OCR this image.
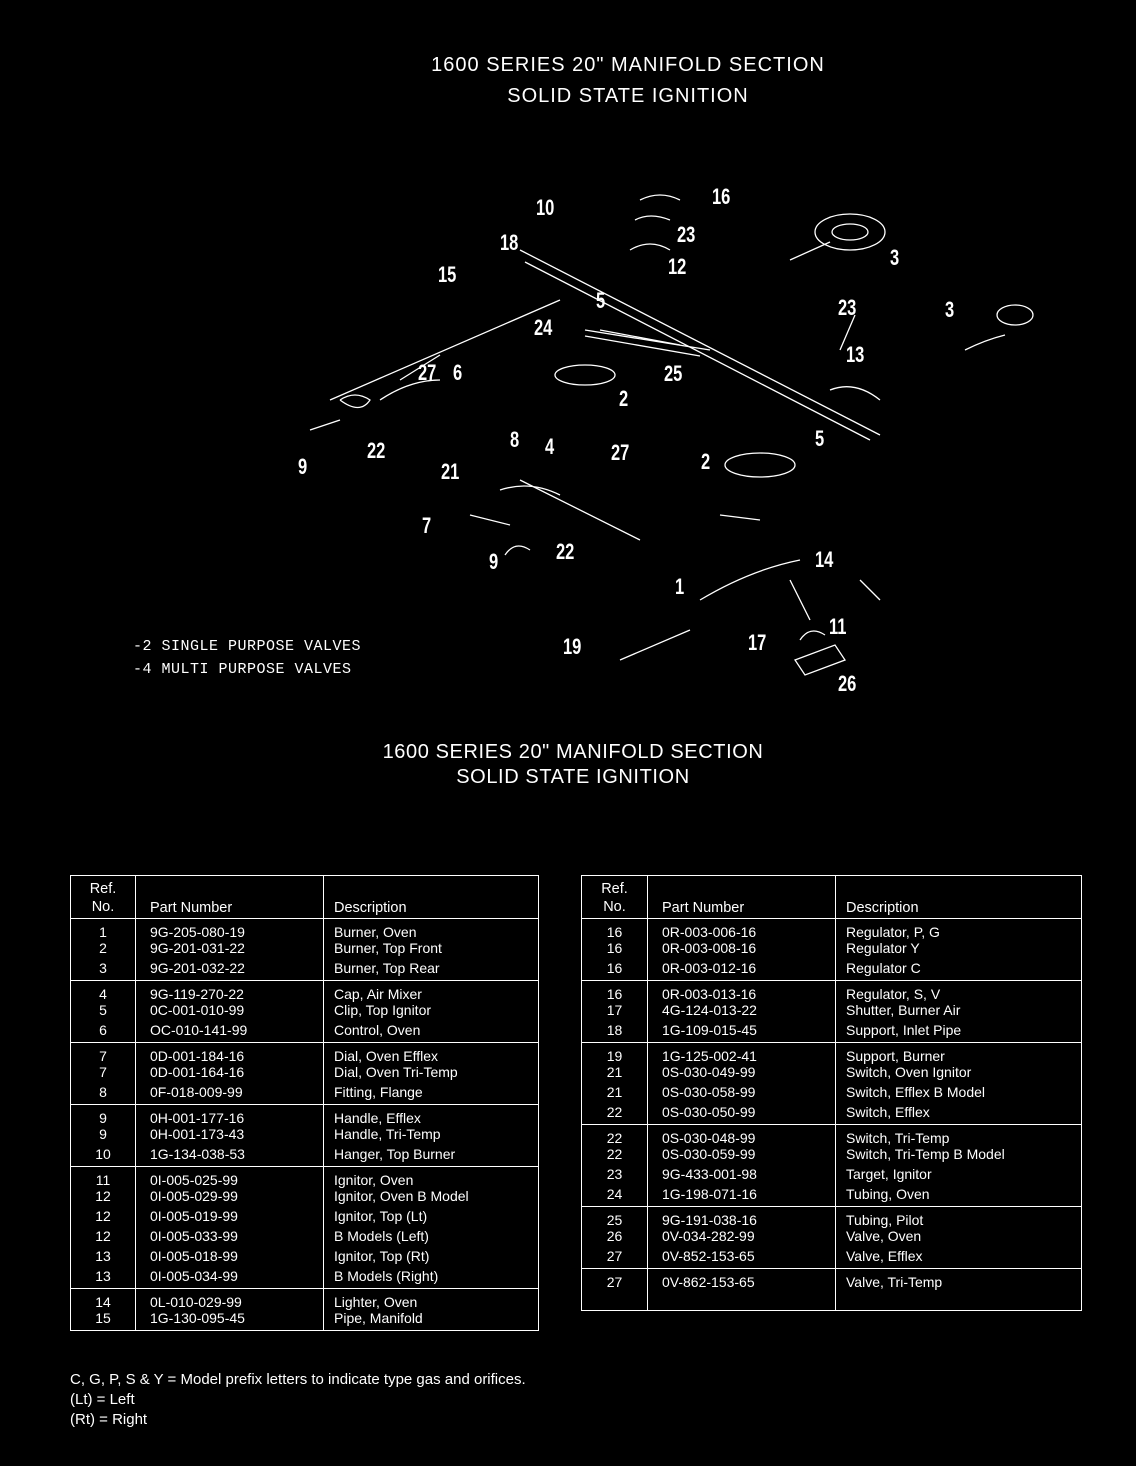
1600 SERIES 20" MANIFOLD SECTION
SOLID STATE IGNITION
10	16
18	23
12	3
15
5	23	3
24
13
27 6	25
2
9
22	8 4	27	2
5
21
7
9	22	14
1
11
19	17
26
-2 SINGLE PURPOSE VALVES
-4 MULTI PURPOSE VALVES
1600 SERIES 20" MANIFOLD SECTION
SOLID STATE IGNITION
Ref.
No.	Part Number	Description
1	9G-205-080-19	Burner, Oven
2	9G-201-031-22	Burner, Top Front
3	9G-201-032-22	Burner, Top Rear
4	9G-119-270-22	Cap, Air Mixer
5	0C-001-010-99	Clip, Top Ignitor
6	OC-010-141-99	Control, Oven
7	0D-001-184-16	Dial, Oven Efflex
7	0D-001-164-16	Dial, Oven Tri-Temp
8	0F-018-009-99	Fitting, Flange
9	0H-001-177-16	Handle, Efflex
9	0H-001-173-43	Handle, Tri-Temp
10	1G-134-038-53	Hanger, Top Burner
11	0I-005-025-99	Ignitor, Oven
12	0I-005-029-99	Ignitor, Oven B Model
12	0I-005-019-99	Ignitor, Top (Lt)
12	0I-005-033-99	B Models (Left)
13	0I-005-018-99	Ignitor, Top (Rt)
13	0I-005-034-99	B Models (Right)
14	0L-010-029-99	Lighter, Oven
15	1G-130-095-45	Pipe, Manifold
Ref.
No.	Part Number	Description
16	0R-003-006-16	Regulator, P, G
16	0R-003-008-16	Regulator Y
16	0R-003-012-16	Regulator C
16	0R-003-013-16	Regulator, S, V
17	4G-124-013-22	Shutter, Burner Air
18	1G-109-015-45	Support, Inlet Pipe
19	1G-125-002-41	Support, Burner
21	0S-030-049-99	Switch, Oven Ignitor
21	0S-030-058-99	Switch, Efflex B Model
22	0S-030-050-99	Switch, Efflex
22	0S-030-048-99	Switch, Tri-Temp
22	0S-030-059-99	Switch, Tri-Temp B Model
23	9G-433-001-98	Target, Ignitor
24	1G-198-071-16	Tubing, Oven
25	9G-191-038-16	Tubing, Pilot
26	0V-034-282-99	Valve, Oven
27	0V-852-153-65	Valve, Efflex
27	0V-862-153-65	Valve, Tri-Temp

C, G, P, S & Y = Model prefix letters to indicate type gas and orifices.
(Lt) = Left
(Rt) = Right
